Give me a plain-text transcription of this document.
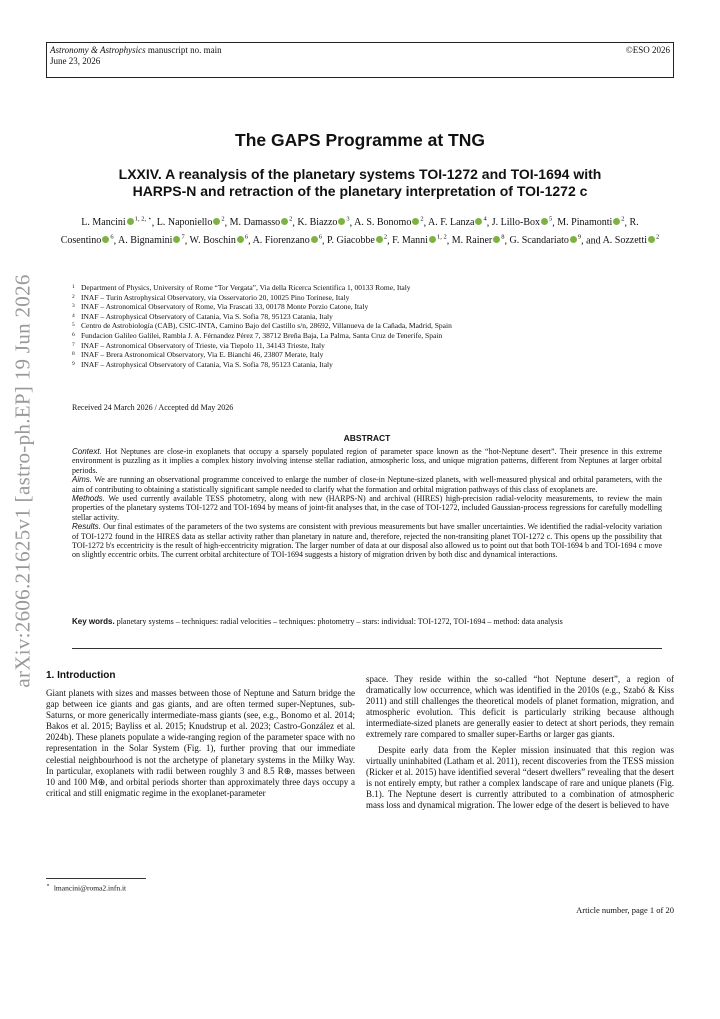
Astronomy & Astrophysics manuscript no. main
June 23, 2026
©ESO 2026
arXiv:2606.21625v1 [astro-ph.EP] 19 Jun 2026
The GAPS Programme at TNG
LXXIV. A reanalysis of the planetary systems TOI-1272 and TOI-1694 with
HARPS-N and retraction of the planetary interpretation of TOI-1272 c
L. Mancini $^{1, 2, ⋆}$, L. Naponiello $^2$, M. Damasso $^2$, K. Biazzo $^3$, A. S. Bonomo $^2$, A. F. Lanza $^4$, J. Lillo-Box $^5$, M. Pinamonti $^2$, R. Cosentino $^6$, A. Bignamini $^7$, W. Boschin $^6$, A. Fiorenzano $^6$, P. Giacobbe $^2$, F. Manni $^{1, 2}$, M. Rainer $^8$, G. Scandariato $^9$, and A. Sozzetti $^2$
1 Department of Physics, University of Rome “Tor Vergata”, Via della Ricerca Scientifica 1, 00133 Rome, Italy
2 INAF – Turin Astrophysical Observatory, via Osservatorio 20, 10025 Pino Torinese, Italy
3 INAF – Astronomical Observatory of Rome, Via Frascati 33, 00178 Monte Porzio Catone, Italy
4 INAF – Astrophysical Observatory of Catania, Via S. Sofia 78, 95123 Catania, Italy
5 Centro de Astrobiología (CAB), CSIC-INTA, Camino Bajo del Castillo s/n, 28692, Villanueva de la Cañada, Madrid, Spain
6 Fundacion Galileo Galilei, Rambla J. A. Férnandez Pérez 7, 38712 Breña Baja, La Palma, Santa Cruz de Tenerife, Spain
7 INAF – Astronomical Observatory of Trieste, via Tiepolo 11, 34143 Trieste, Italy
8 INAF – Brera Astronomical Observatory, Via E. Bianchi 46, 23807 Merate, Italy
9 INAF – Astrophysical Observatory of Catania, Via S. Sofia 78, 95123 Catania, Italy
Received 24 March 2026 / Accepted dd May 2026
ABSTRACT

Context. Hot Neptunes are close-in exoplanets that occupy a sparsely populated region of parameter space known as the “hot-Neptune desert”. Their presence in this extreme environment is puzzling as it implies a complex history involving intense stellar radiation, atmospheric loss, and unique migration patterns, different from Neptunes at larger orbital periods.

Aims. We are running an observational programme conceived to enlarge the number of close-in Neptune-sized planets, with well-measured physical and orbital parameters, with the aim of contributing to obtaining a statistically significant sample needed to clarify what the formation and orbital migration pathways of this class of exoplanets are.

Methods. We used currently available TESS photometry, along with new (HARPS-N) and archival (HIRES) high-precision radial-velocity measurements, to review the main properties of the planetary systems TOI-1272 and TOI-1694 by means of joint-fit analyses that, in the case of TOI-1272, included Gaussian-process regressions for carefully modelling stellar activity.

Results. Our final estimates of the parameters of the two systems are consistent with previous measurements but have smaller uncertainties. We identified the radial-velocity variation of TOI-1272 found in the HIRES data as stellar activity rather than planetary in nature and, therefore, rejected the non-transiting planet TOI-1272 c. This opens up the possibility that TOI-1272 b's eccentricity is the result of high-eccentricity migration. The larger number of data at our disposal also allowed us to point out that both TOI-1694 b and TOI-1694 c move on slightly eccentric orbits. The current orbital architecture of TOI-1694 suggests a history of migration driven by both disc and dynamical interactions.

Key words. planetary systems – techniques: radial velocities – techniques: photometry – stars: individual: TOI-1272, TOI-1694 – method: data analysis
1. Introduction

Giant planets with sizes and masses between those of Neptune and Saturn bridge the gap between ice giants and gas giants, and are often termed super-Neptunes, sub-Saturns, or more generically intermediate-mass giants (see, e.g., Bonomo et al. 2014; Bakos et al. 2015; Bayliss et al. 2015; Knudstrup et al. 2023; Castro-González et al. 2024b). These planets populate a wide-ranging region of the parameter space with no representation in the Solar System (Fig. 1), further proving that our immediate celestial neighbourhood is not the archetype of planetary systems in the Milky Way. In particular, exoplanets with radii between roughly 3 and 8.5 R⊕, masses between 10 and 100 M⊕, and orbital periods shorter than approximately three days occupy a critical and still enigmatic regime in the exoplanet-parameter

space. They reside within the so-called “hot Neptune desert”, a region of dramatically low occurrence, which was identified in the 2010s (e.g., Szabó & Kiss 2011) and still challenges the theoretical models of planet formation, migration, and atmospheric evolution. This deficit is particularly striking because although intermediate-sized planets are generally easier to detect at short periods, they remain extremely rare compared to smaller super-Earths or larger gas giants.

Despite early data from the Kepler mission insinuated that this region was virtually uninhabited (Latham et al. 2011), recent discoveries from the TESS mission (Ricker et al. 2015) have identified several “desert dwellers” revealing that the desert is not entirely empty, but rather a complex landscape of rare and unique planets (Fig. B.1). The Neptune desert is currently attributed to a combination of atmospheric mass loss and dynamical migration. The lower edge of the desert is believed to have

⋆ lmancini@roma2.infn.it
Article number, page 1 of 20
